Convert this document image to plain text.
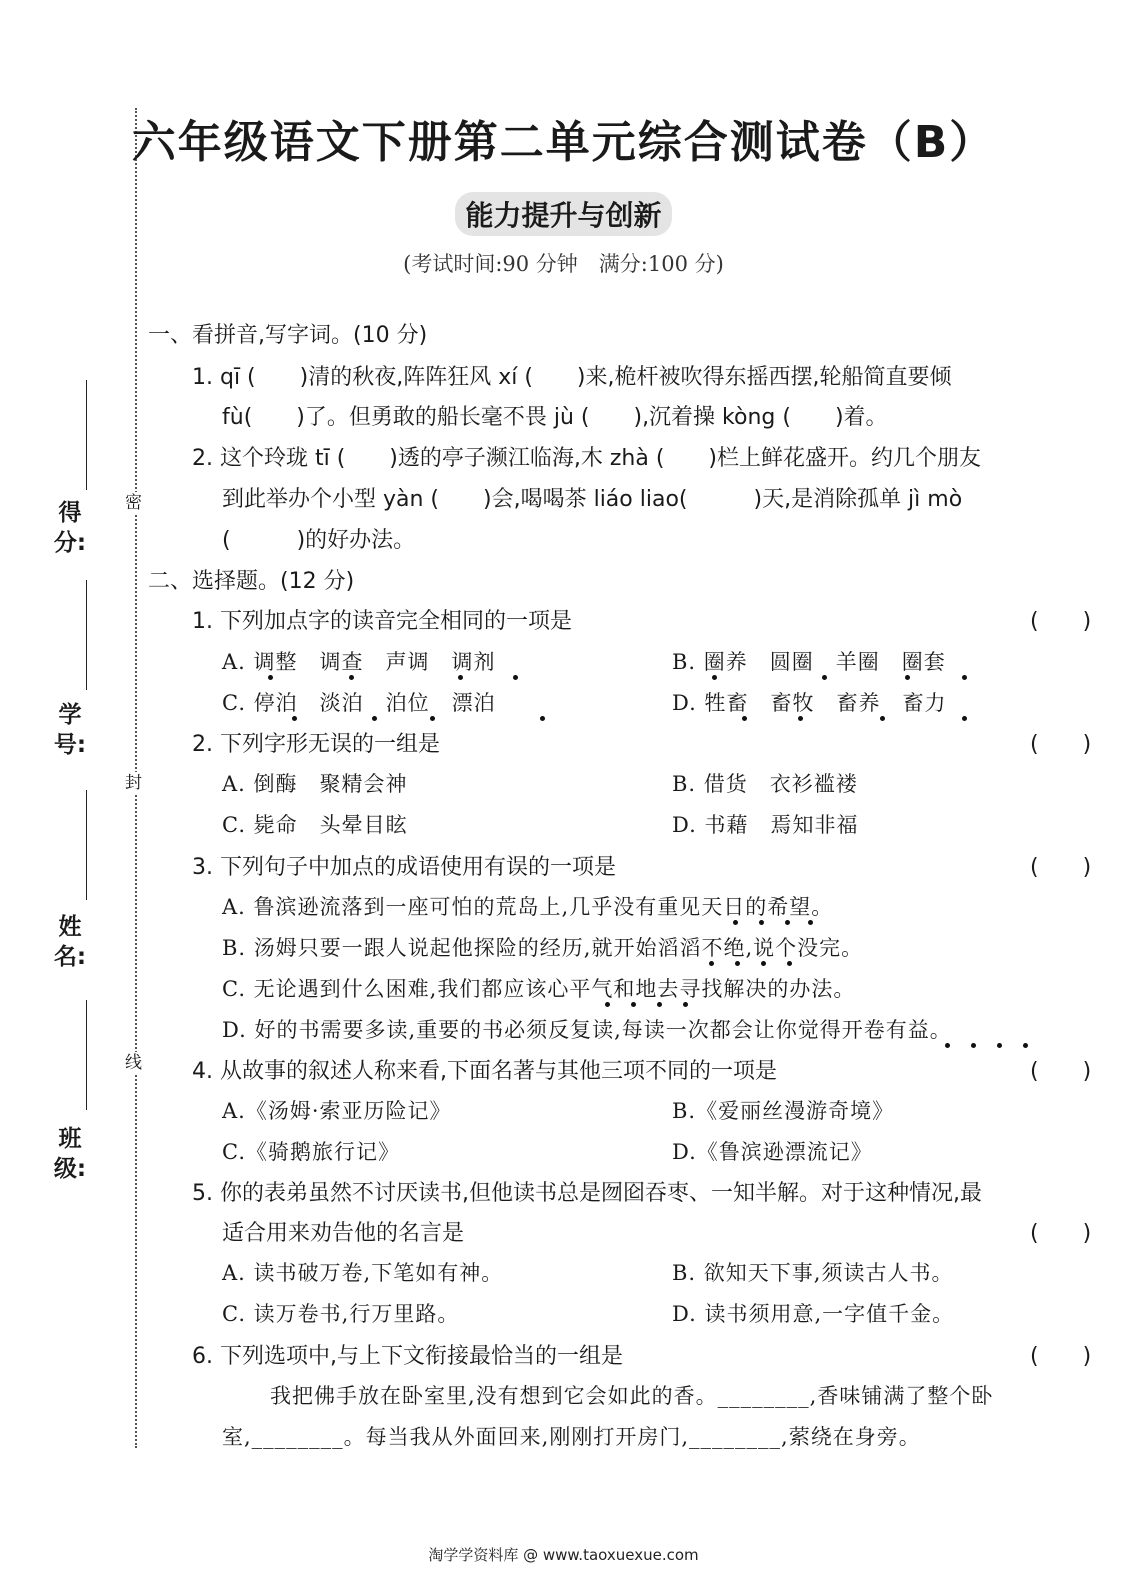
密
封
线
得分:
学号:
姓名:
班级:
六年级语文下册第二单元综合测试卷（B）
能力提升与创新
(考试时间:90 分钟　满分:100 分)
一、看拼音,写字词。(10 分)
1. qī (　　)清的秋夜,阵阵狂风 xí (　　)来,桅杆被吹得东摇西摆,轮船简直要倾
fù(　　)了。但勇敢的船长毫不畏 jù (　　),沉着操 kòng (　　)着。
2. 这个玲珑 tī (　　)透的亭子濒江临海,木 zhà (　　)栏上鲜花盛开。约几个朋友
到此举办个小型 yàn (　　)会,喝喝茶 liáo liao(　　　)天,是消除孤单 jì mò
(　　　)的好办法。
二、选择题。(12 分)
1. 下列加点字的读音完全相同的一项是	(　　)
A. 调整　调查　声调　调剂	B. 圈养　圆圈　羊圈　圈套
C. 停泊　淡泊　泊位　漂泊	D. 牲畜　畜牧　畜养　畜力
2. 下列字形无误的一组是	(　　)
A. 倒酶　聚精会神	B. 借货　衣衫褴褛
C. 毙命　头晕目眩	D. 书藉　焉知非福
3. 下列句子中加点的成语使用有误的一项是	(　　)
A. 鲁滨逊流落到一座可怕的荒岛上,几乎没有重见天日的希望。
B. 汤姆只要一跟人说起他探险的经历,就开始滔滔不绝,说个没完。
C. 无论遇到什么困难,我们都应该心平气和地去寻找解决的办法。
D. 好的书需要多读,重要的书必须反复读,每读一次都会让你觉得开卷有益。
4. 从故事的叙述人称来看,下面名著与其他三项不同的一项是	(　　)
A.《汤姆·索亚历险记》	B.《爱丽丝漫游奇境》
C.《骑鹅旅行记》	D.《鲁滨逊漂流记》
5. 你的表弟虽然不讨厌读书,但他读书总是囫囵吞枣、一知半解。对于这种情况,最
适合用来劝告他的名言是	(　　)
A. 读书破万卷,下笔如有神。	B. 欲知天下事,须读古人书。
C. 读万卷书,行万里路。	D. 读书须用意,一字值千金。
6. 下列选项中,与上下文衔接最恰当的一组是	(　　)
我把佛手放在卧室里,没有想到它会如此的香。________,香味铺满了整个卧
室,________。每当我从外面回来,刚刚打开房门,________,萦绕在身旁。
淘学学资料库 @ www.taoxuexue.com
